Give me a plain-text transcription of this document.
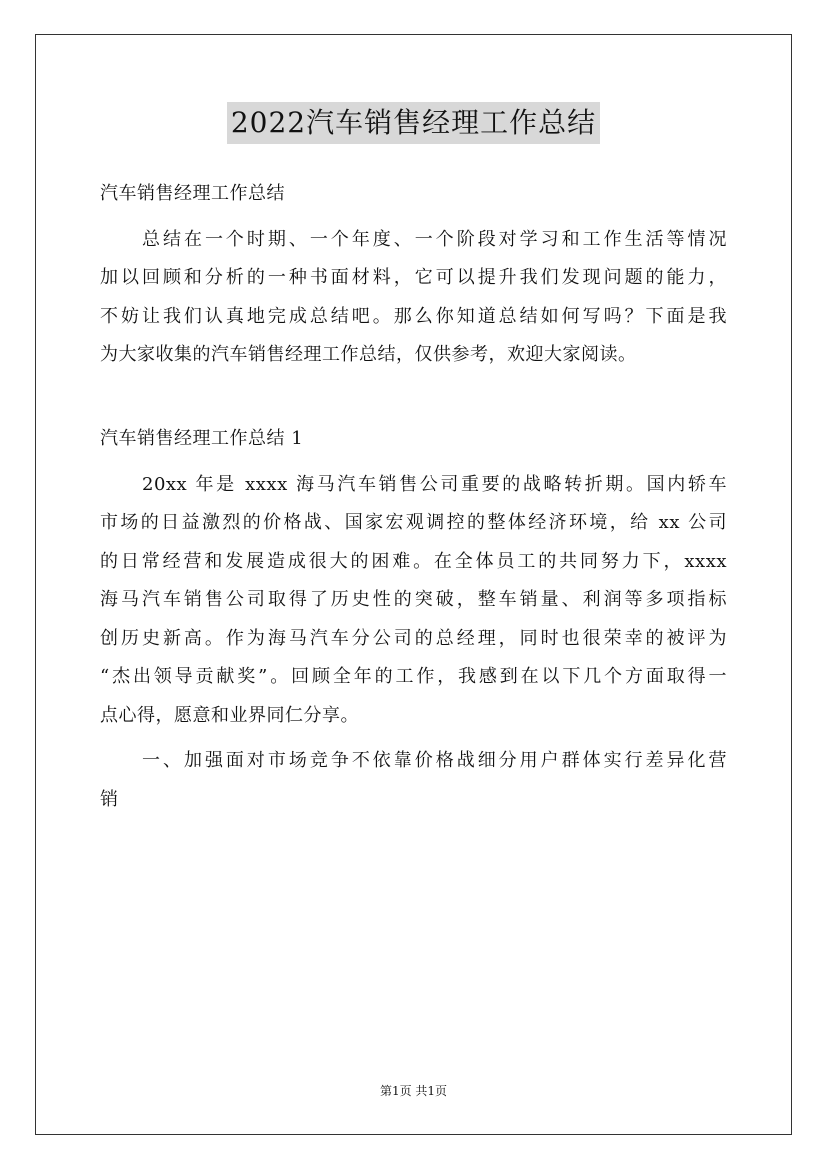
2022汽车销售经理工作总结
汽车销售经理工作总结
总结在一个时期、一个年度、一个阶段对学习和工作生活等情况
加以回顾和分析的一种书面材料，它可以提升我们发现问题的能力，
不妨让我们认真地完成总结吧。那么你知道总结如何写吗？下面是我
为大家收集的汽车销售经理工作总结，仅供参考，欢迎大家阅读。
汽车销售经理工作总结 1
20xx 年是 xxxx 海马汽车销售公司重要的战略转折期。国内轿车
市场的日益激烈的价格战、国家宏观调控的整体经济环境，给 xx 公司
的日常经营和发展造成很大的困难。在全体员工的共同努力下，xxxx
海马汽车销售公司取得了历史性的突破，整车销量、利润等多项指标
创历史新高。作为海马汽车分公司的总经理，同时也很荣幸的被评为
“杰出领导贡献奖”。回顾全年的工作，我感到在以下几个方面取得一
点心得，愿意和业界同仁分享。
一、加强面对市场竞争不依靠价格战细分用户群体实行差异化营
销
第1页 共1页
